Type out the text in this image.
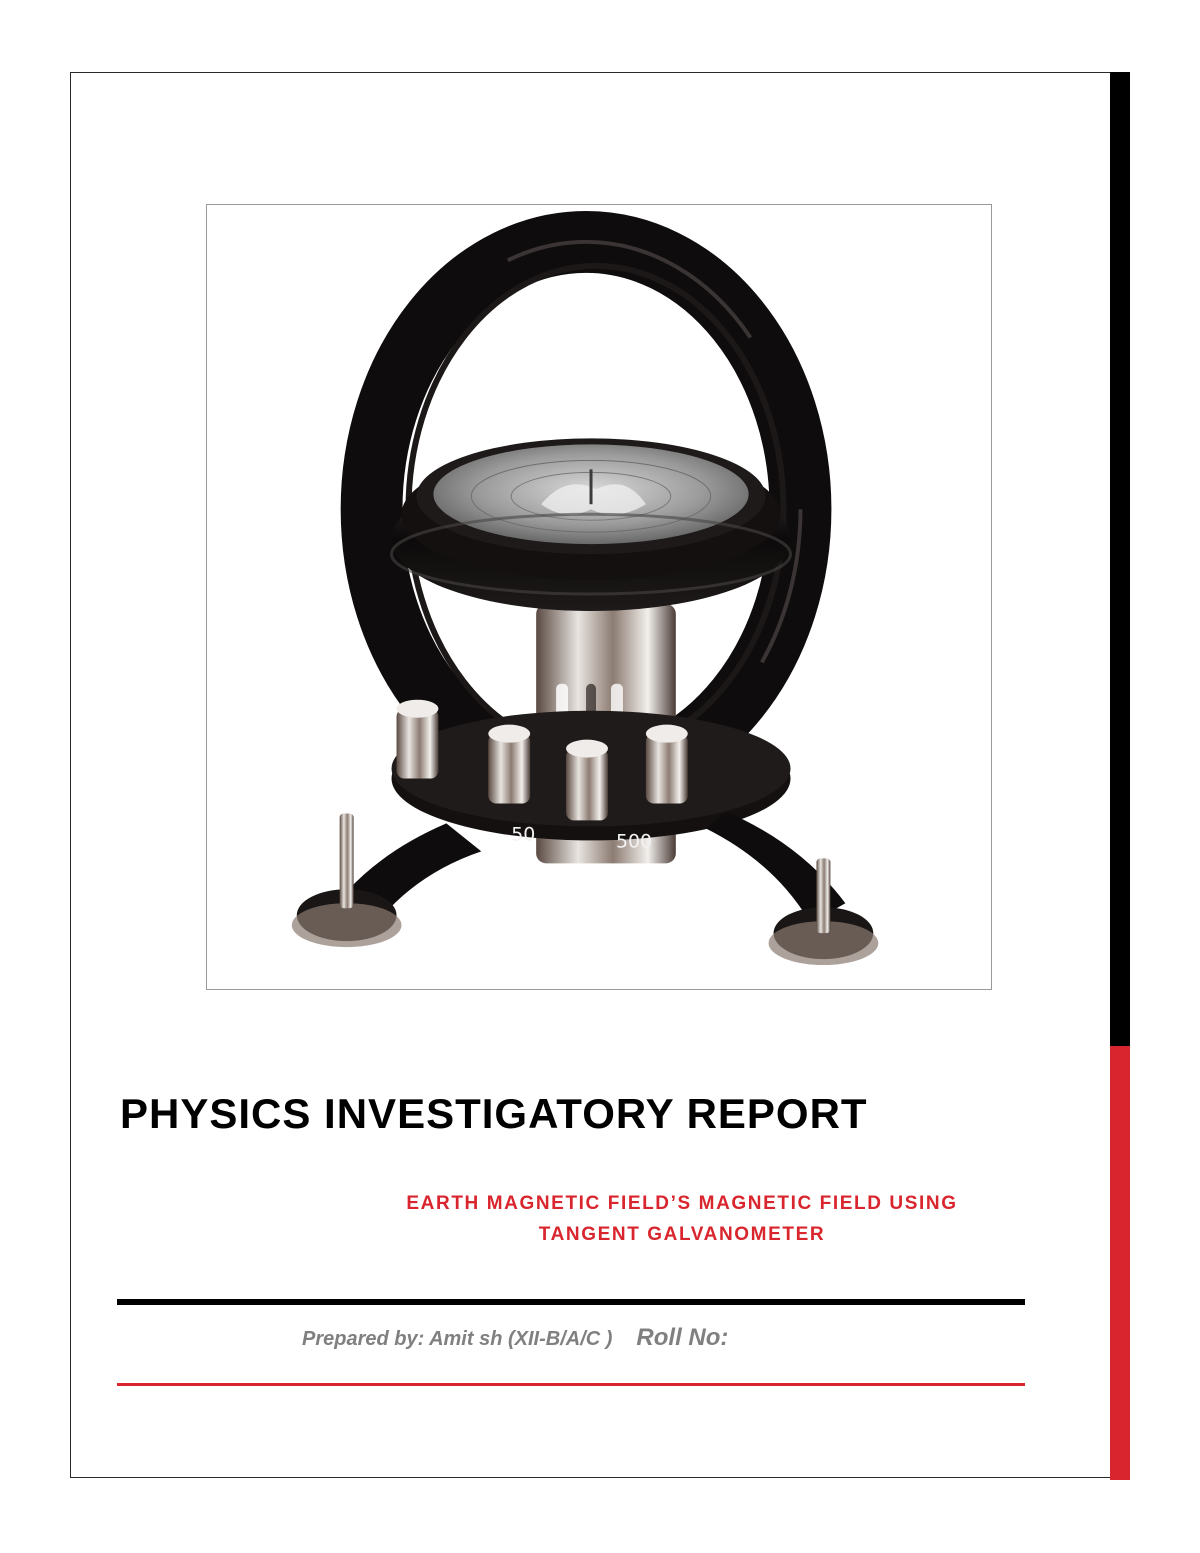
50	500
PHYSICS INVESTIGATORY REPORT
EARTH MAGNETIC FIELD’S MAGNETIC FIELD USING
TANGENT GALVANOMETER
Prepared by: Amit sh (XII-B/A/C ) Roll No:
